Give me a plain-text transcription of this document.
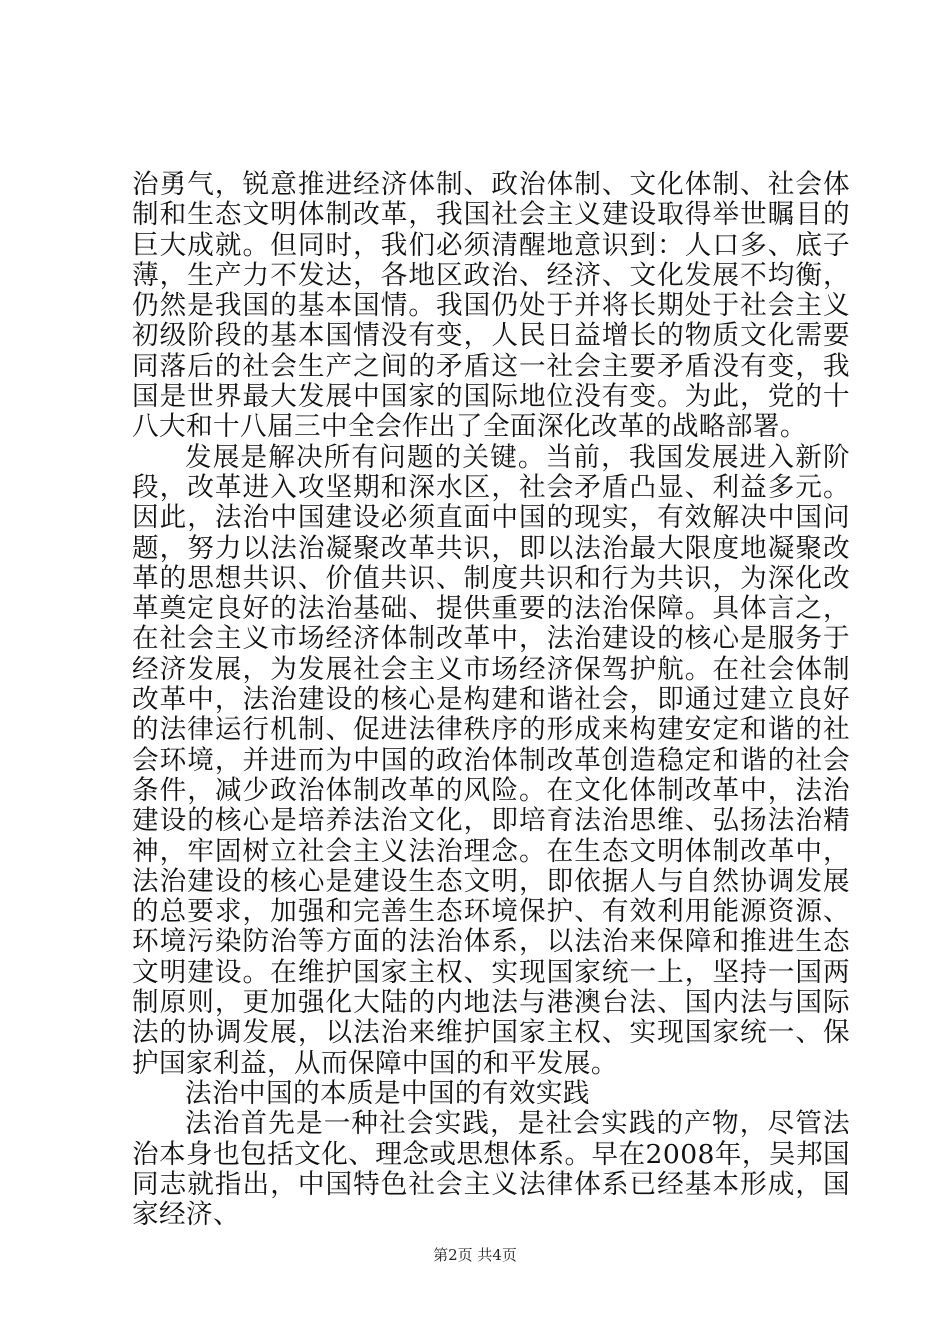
治勇气，锐意推进经济体制、政治体制、文化体制、社会体制和生态文明体制改革，我国社会主义建设取得举世瞩目的巨大成就。但同时，我们必须清醒地意识到：人口多、底子薄，生产力不发达，各地区政治、经济、文化发展不均衡，仍然是我国的基本国情。我国仍处于并将长期处于社会主义初级阶段的基本国情没有变，人民日益增长的物质文化需要同落后的社会生产之间的矛盾这一社会主要矛盾没有变，我国是世界最大发展中国家的国际地位没有变。为此，党的十八大和十八届三中全会作出了全面深化改革的战略部署。

发展是解决所有问题的关键。当前，我国发展进入新阶段，改革进入攻坚期和深水区，社会矛盾凸显、利益多元。因此，法治中国建设必须直面中国的现实，有效解决中国问题，努力以法治凝聚改革共识，即以法治最大限度地凝聚改革的思想共识、价值共识、制度共识和行为共识，为深化改革奠定良好的法治基础、提供重要的法治保障。具体言之，在社会主义市场经济体制改革中，法治建设的核心是服务于经济发展，为发展社会主义市场经济保驾护航。在社会体制改革中，法治建设的核心是构建和谐社会，即通过建立良好的法律运行机制、促进法律秩序的形成来构建安定和谐的社会环境，并进而为中国的政治体制改革创造稳定和谐的社会条件，减少政治体制改革的风险。在文化体制改革中，法治建设的核心是培养法治文化，即培育法治思维、弘扬法治精神，牢固树立社会主义法治理念。在生态文明体制改革中，法治建设的核心是建设生态文明，即依据人与自然协调发展的总要求，加强和完善生态环境保护、有效利用能源资源、环境污染防治等方面的法治体系，以法治来保障和推进生态文明建设。在维护国家主权、实现国家统一上，坚持一国两制原则，更加强化大陆的内地法与港澳台法、国内法与国际法的协调发展，以法治来维护国家主权、实现国家统一、保护国家利益，从而保障中国的和平发展。

法治中国的本质是中国的有效实践

法治首先是一种社会实践，是社会实践的产物，尽管法治本身也包括文化、理念或思想体系。早在2008年，吴邦国同志就指出，中国特色社会主义法律体系已经基本形成，国家经济、

第2页 共4页
